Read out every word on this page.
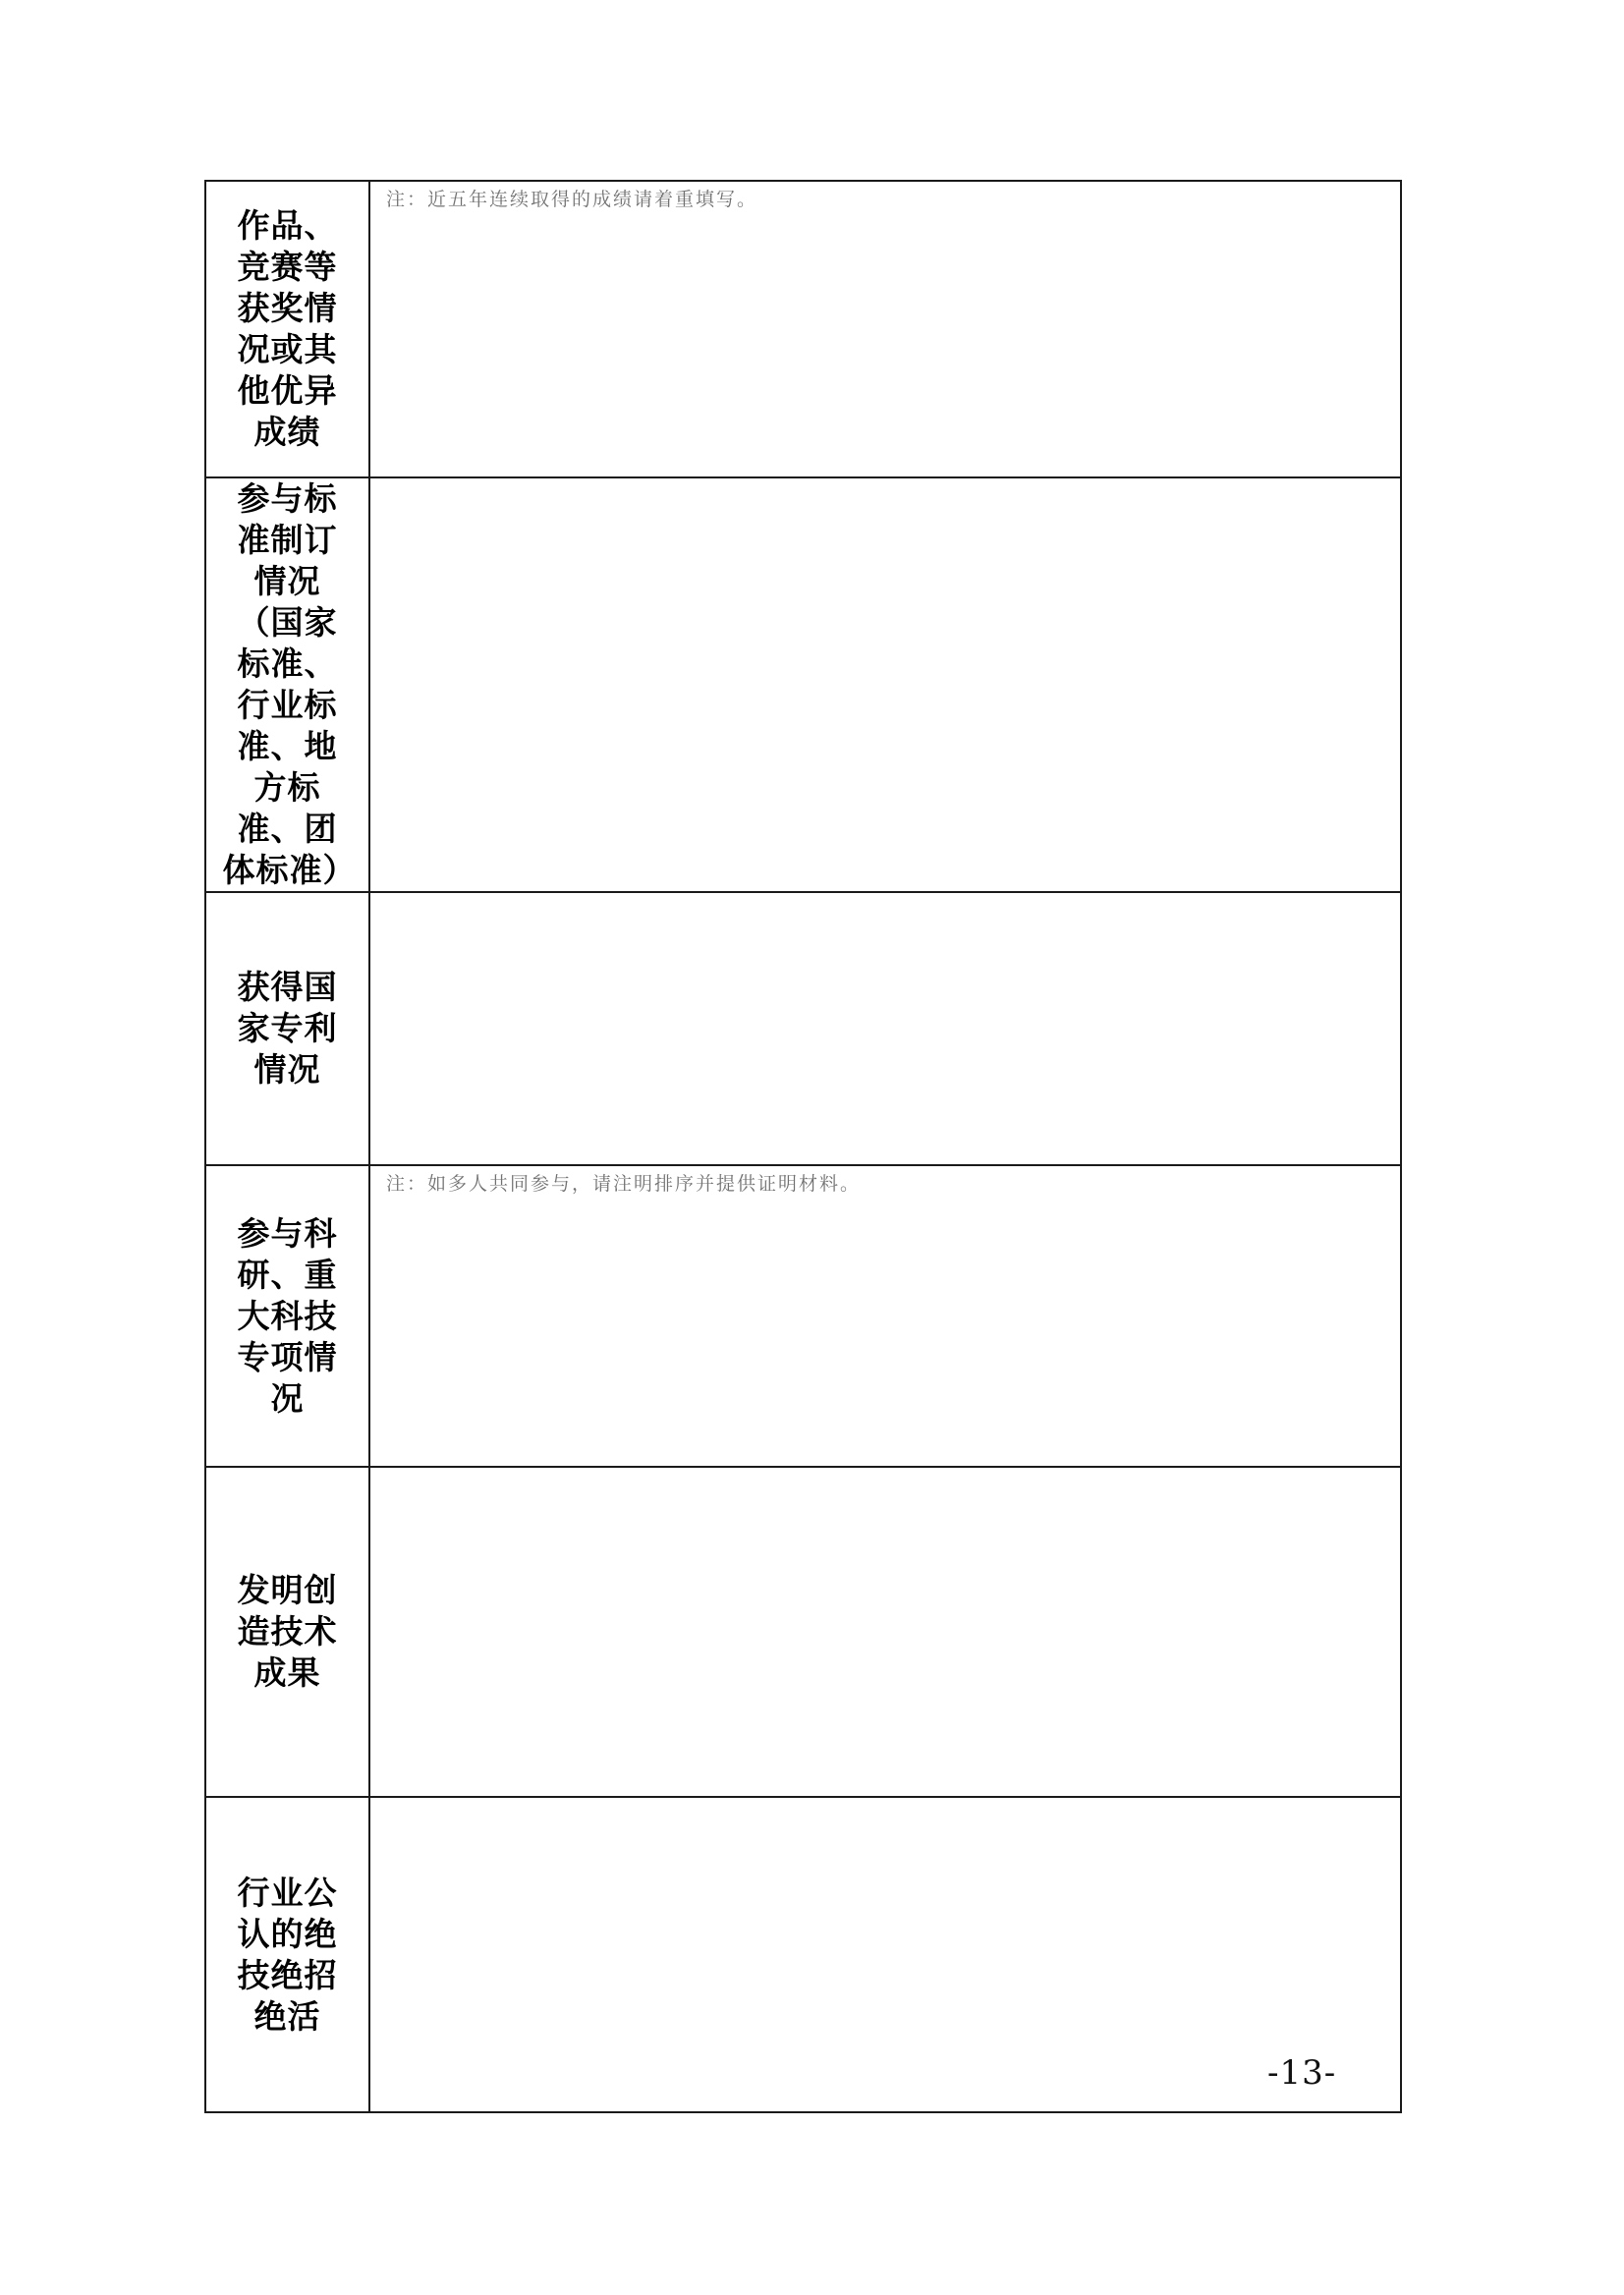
作品、竞赛等获奖情况或其他优异成绩	注：近五年连续取得的成绩请着重填写。

参与标准制订情况（国家标准、行业标准、地方标准、团体标准）	

获得国家专利情况	

参与科研、重大科技专项情况	注：如多人共同参与，请注明排序并提供证明材料。

发明创造技术成果	

行业公认的绝技绝招绝活	

-13-
